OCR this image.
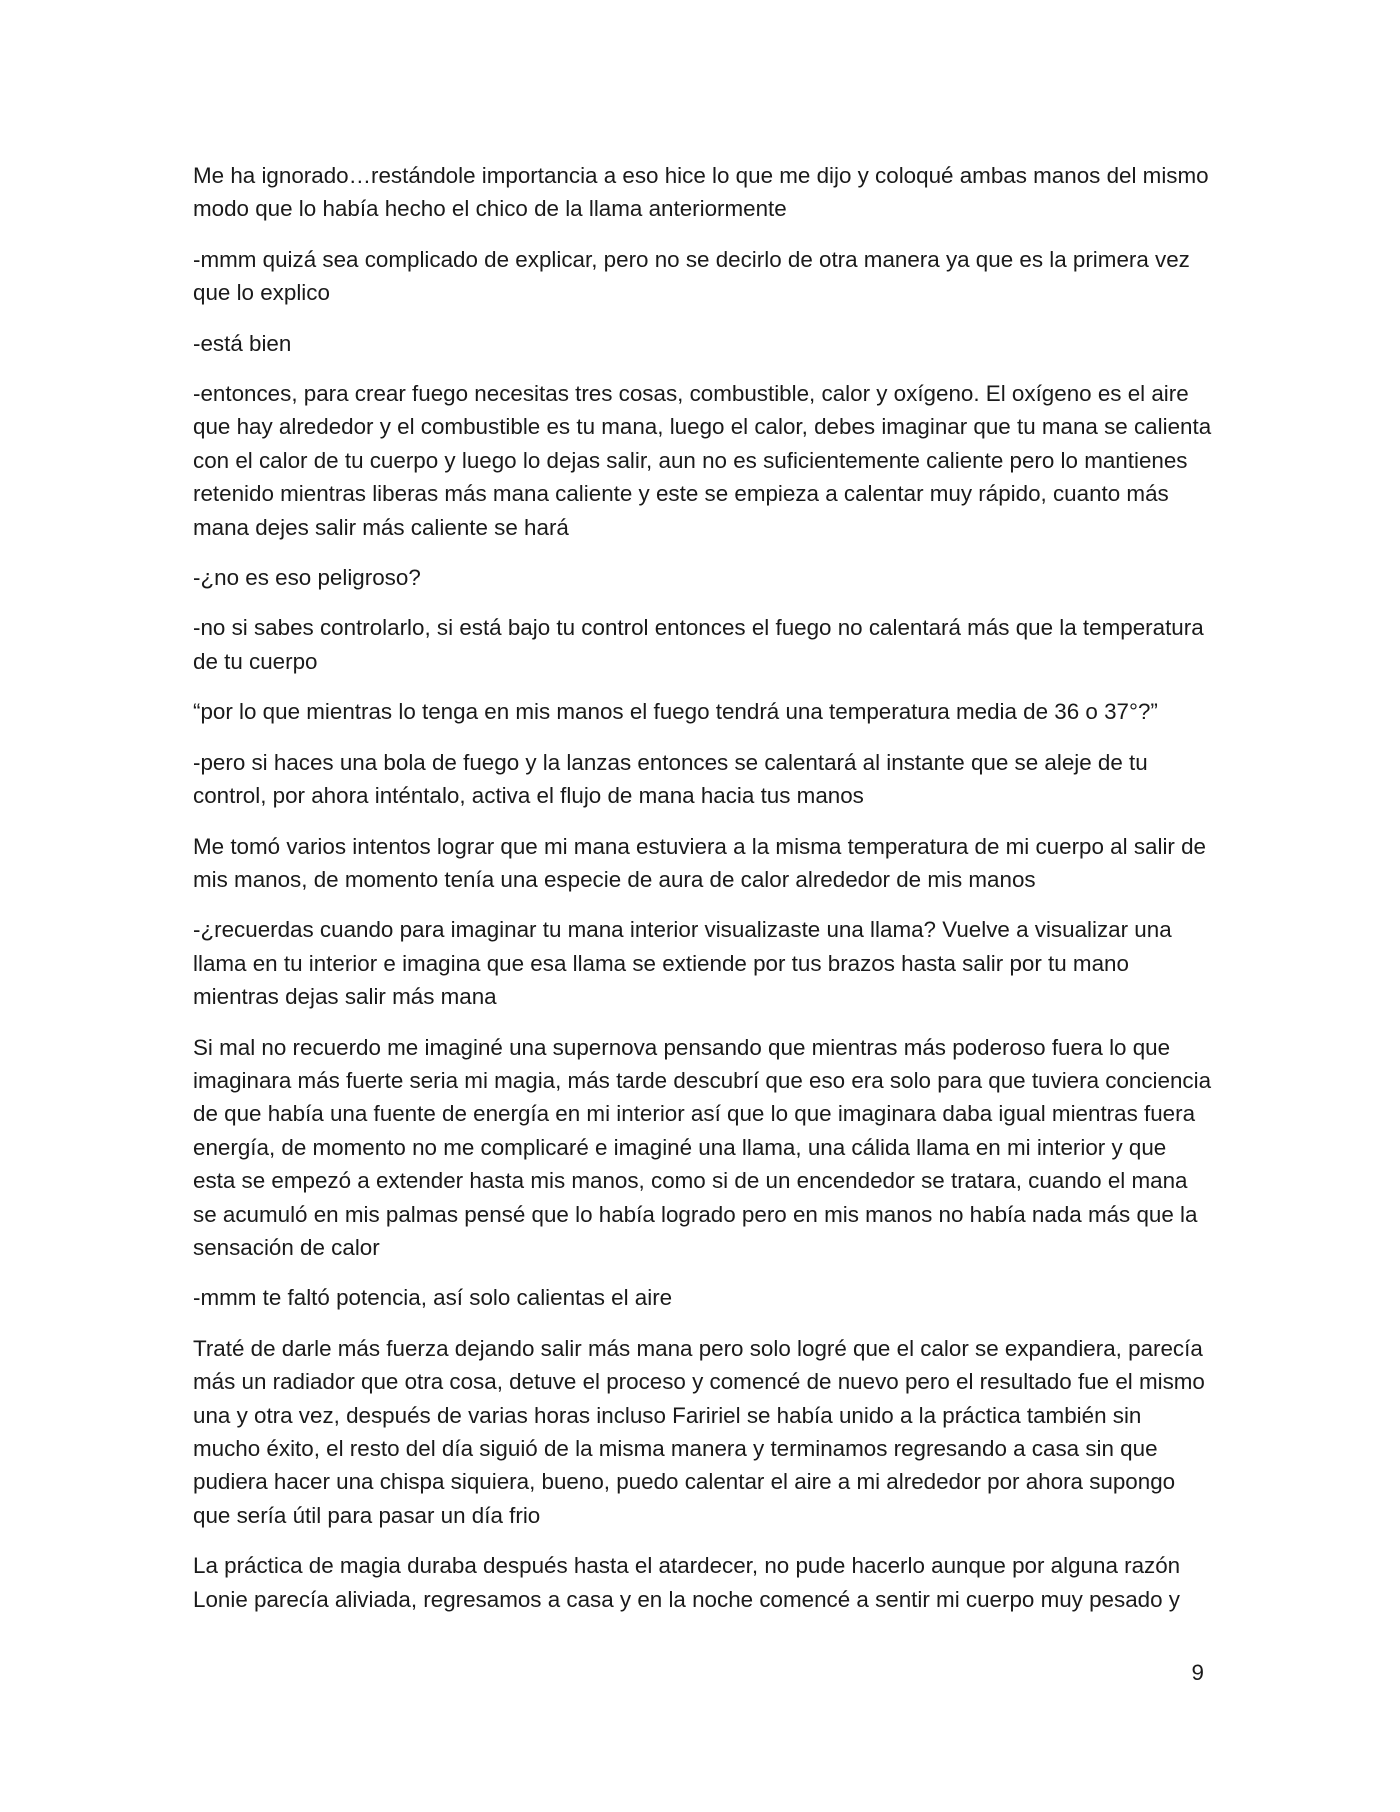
Me ha ignorado…restándole importancia a eso hice lo que me dijo y coloqué ambas manos del mismo modo que lo había hecho el chico de la llama anteriormente

-mmm quizá sea complicado de explicar, pero no se decirlo de otra manera ya que es la primera vez que lo explico

-está bien

-entonces, para crear fuego necesitas tres cosas, combustible, calor y oxígeno. El oxígeno es el aire que hay alrededor y el combustible es tu mana, luego el calor, debes imaginar que tu mana se calienta con el calor de tu cuerpo y luego lo dejas salir, aun no es suficientemente caliente pero lo mantienes retenido mientras liberas más mana caliente y este se empieza a calentar muy rápido, cuanto más mana dejes salir más caliente se hará

-¿no es eso peligroso?

-no si sabes controlarlo, si está bajo tu control entonces el fuego no calentará más que la temperatura de tu cuerpo

“por lo que mientras lo tenga en mis manos el fuego tendrá una temperatura media de 36 o 37°?”

-pero si haces una bola de fuego y la lanzas entonces se calentará al instante que se aleje de tu control, por ahora inténtalo, activa el flujo de mana hacia tus manos

Me tomó varios intentos lograr que mi mana estuviera a la misma temperatura de mi cuerpo al salir de mis manos, de momento tenía una especie de aura de calor alrededor de mis manos

-¿recuerdas cuando para imaginar tu mana interior visualizaste una llama? Vuelve a visualizar una llama en tu interior e imagina que esa llama se extiende por tus brazos hasta salir por tu mano mientras dejas salir más mana

Si mal no recuerdo me imaginé una supernova pensando que mientras más poderoso fuera lo que imaginara más fuerte seria mi magia, más tarde descubrí que eso era solo para que tuviera conciencia de que había una fuente de energía en mi interior así que lo que imaginara daba igual mientras fuera energía, de momento no me complicaré e imaginé una llama, una cálida llama en mi interior y que esta se empezó a extender hasta mis manos, como si de un encendedor se tratara, cuando el mana se acumuló en mis palmas pensé que lo había logrado pero en mis manos no había nada más que la sensación de calor

-mmm te faltó potencia, así solo calientas el aire

Traté de darle más fuerza dejando salir más mana pero solo logré que el calor se expandiera, parecía más un radiador que otra cosa, detuve el proceso y comencé de nuevo pero el resultado fue el mismo una y otra vez, después de varias horas incluso Faririel se había unido a la práctica también sin mucho éxito, el resto del día siguió de la misma manera y terminamos regresando a casa sin que pudiera hacer una chispa siquiera, bueno, puedo calentar el aire a mi alrededor por ahora supongo que sería útil para pasar un día frio

La práctica de magia duraba después hasta el atardecer, no pude hacerlo aunque por alguna razón Lonie parecía aliviada, regresamos a casa y en la noche comencé a sentir mi cuerpo muy pesado y

9
